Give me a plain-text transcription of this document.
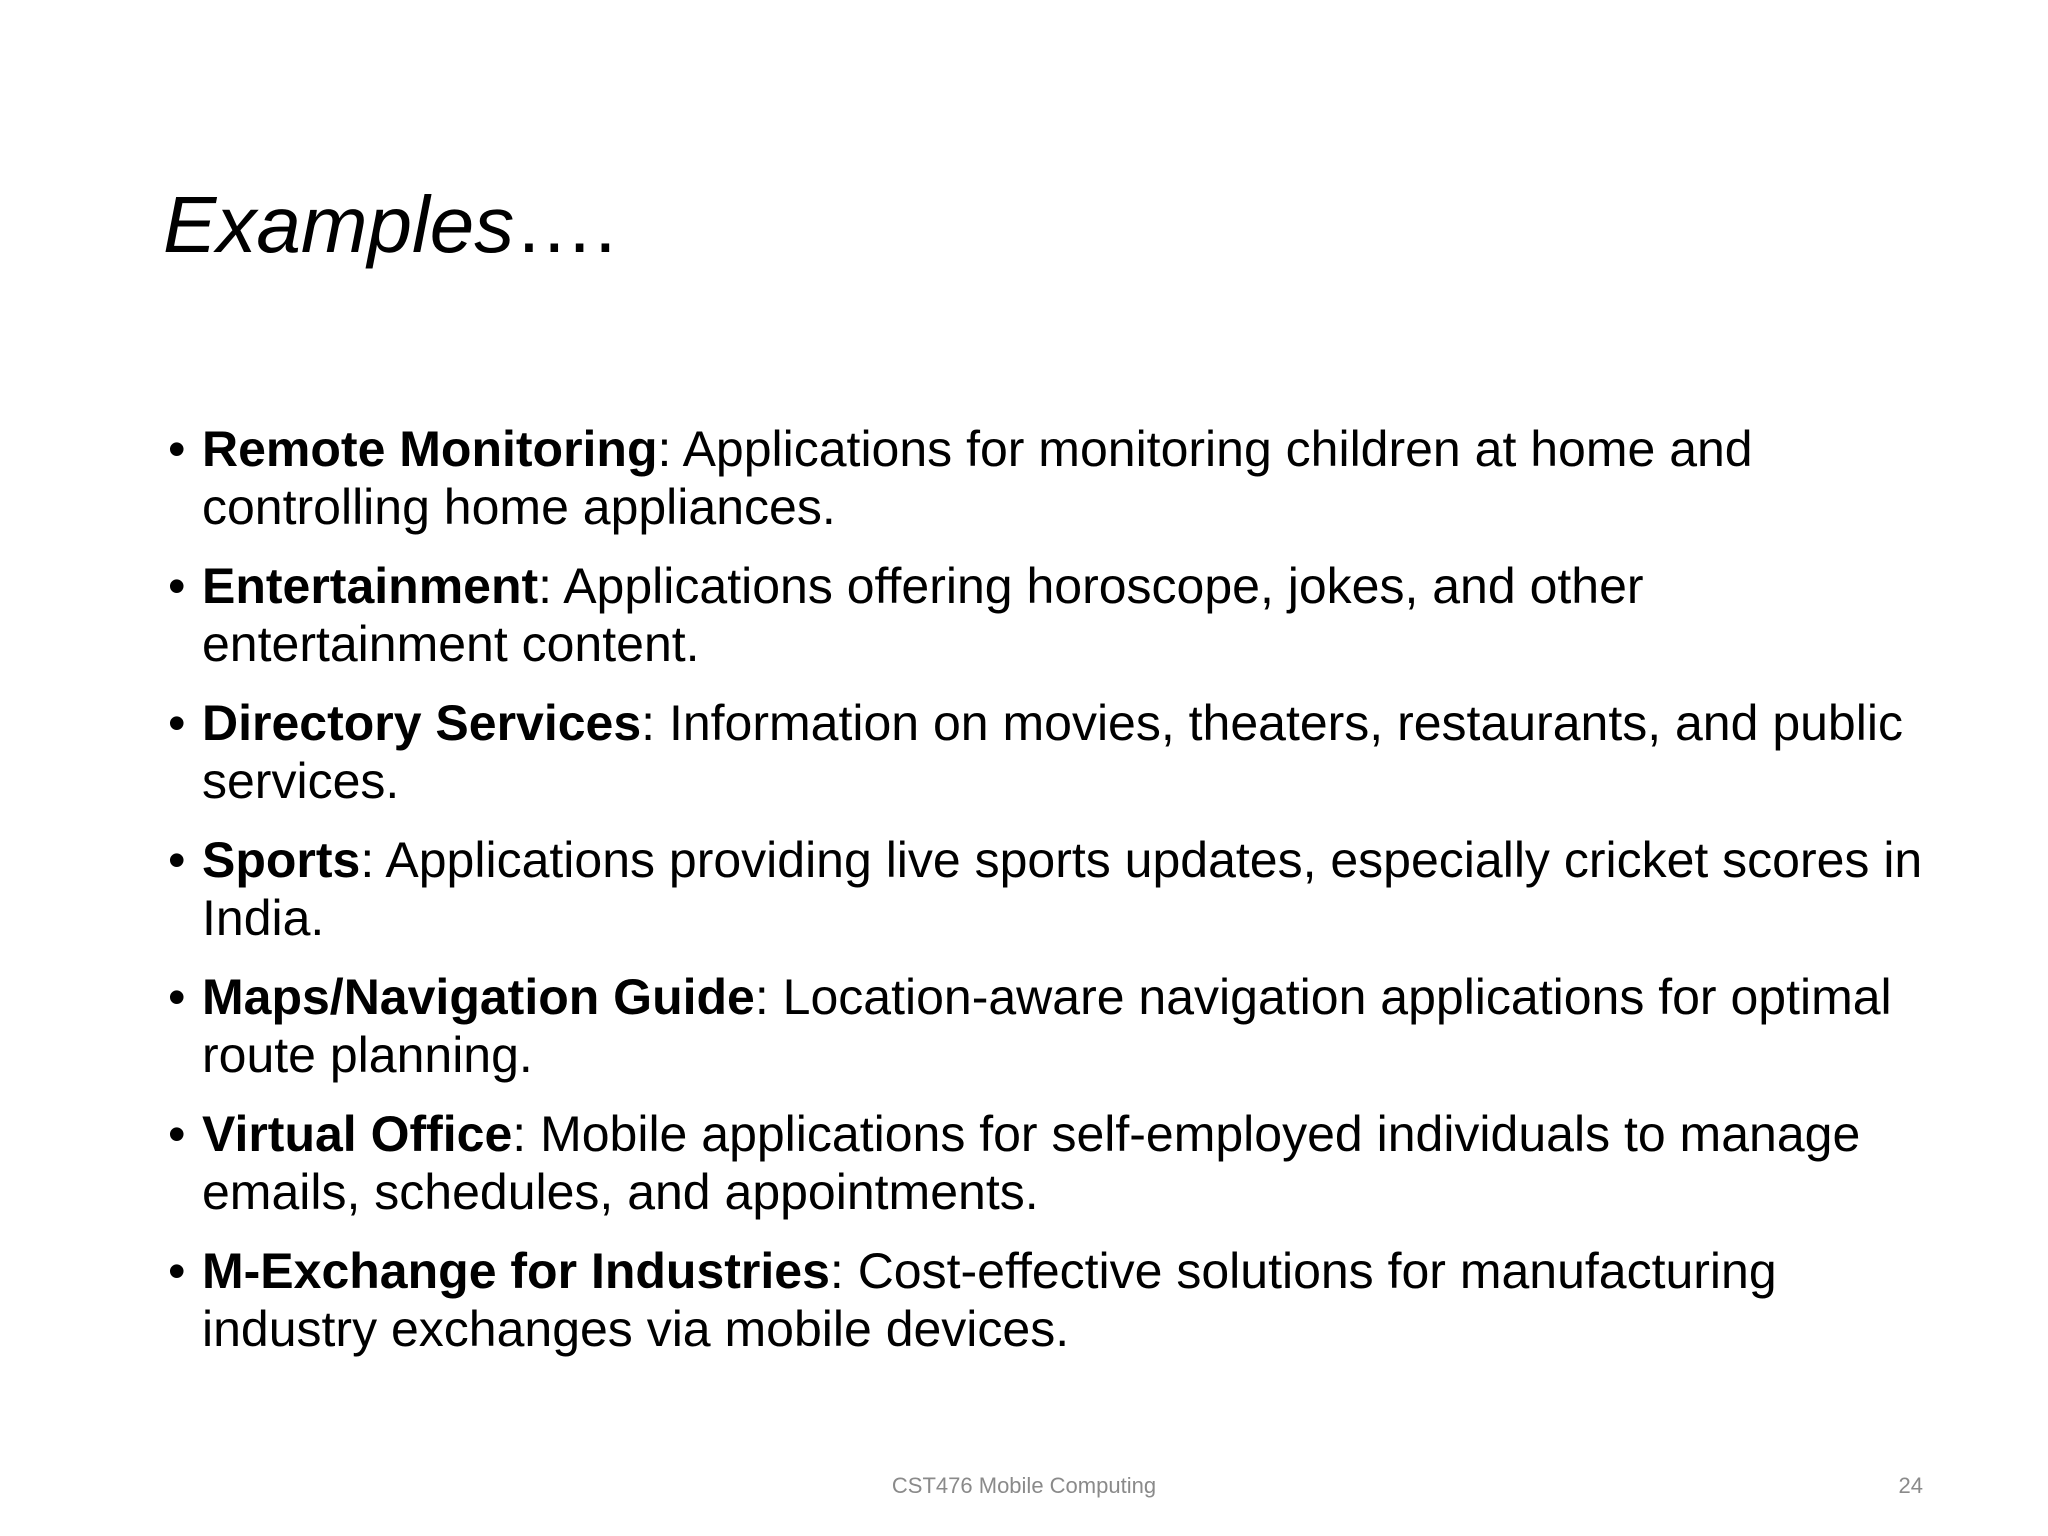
Examples….
• Remote Monitoring: Applications for monitoring children at home and controlling home appliances.
• Entertainment: Applications offering horoscope, jokes, and other entertainment content.
• Directory Services: Information on movies, theaters, restaurants, and public services.
• Sports: Applications providing live sports updates, especially cricket scores in India.
• Maps/Navigation Guide: Location-aware navigation applications for optimal route planning.
• Virtual Office: Mobile applications for self-employed individuals to manage emails, schedules, and appointments.
• M-Exchange for Industries: Cost-effective solutions for manufacturing industry exchanges via mobile devices.
CST476 Mobile Computing	24
